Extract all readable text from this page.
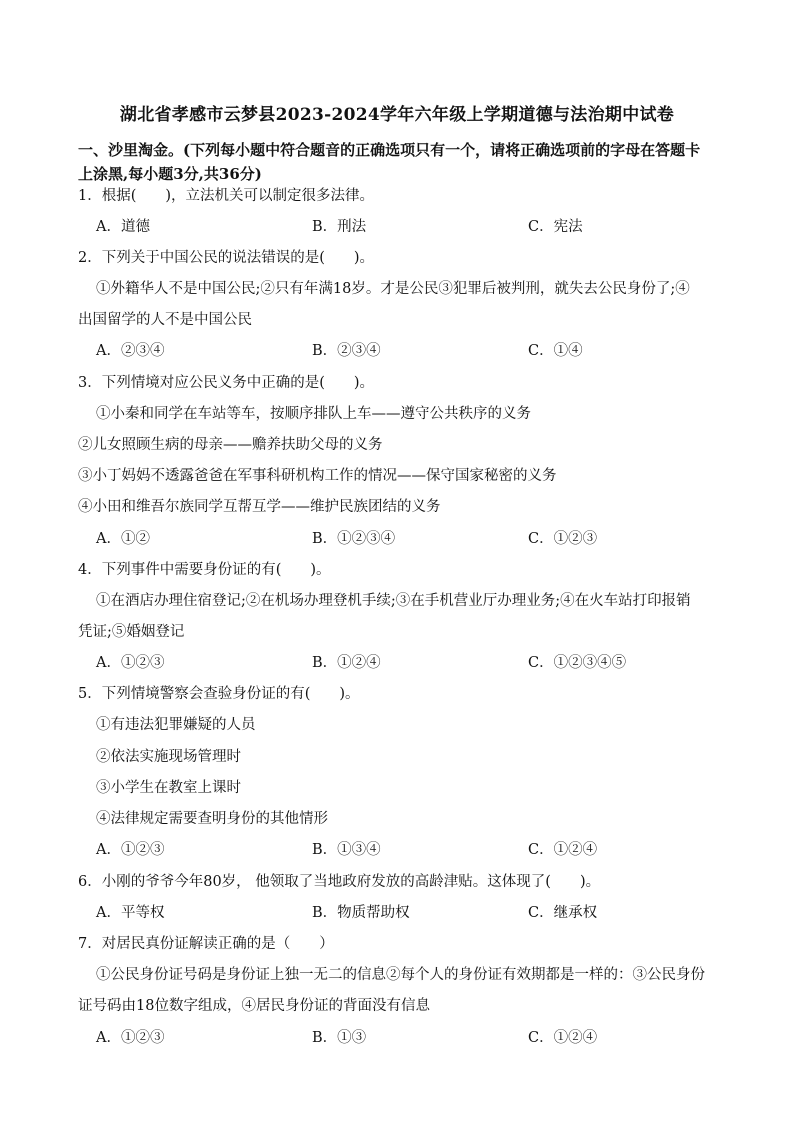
湖北省孝感市云梦县2023-2024学年六年级上学期道德与法治期中试卷
一、沙里淘金。(下列每小题中符合题音的正确选项只有一个，请将正确选项前的字母在答题卡
上涂黑,每小题3分,共36分)
1．根据(　　)，立法机关可以制定很多法律。
A．道德	B．刑法	C．宪法
2．下列关于中国公民的说法错误的是(　　)。
①外籍华人不是中国公民;②只有年满18岁。才是公民③犯罪后被判刑，就失去公民身份了;④
出国留学的人不是中国公民
A．②③④	B．②③④	C．①④
3．下列情境对应公民义务中正确的是(　　)。
①小秦和同学在车站等车，按顺序排队上车——遵守公共秩序的义务
②儿女照顾生病的母亲——赡养扶助父母的义务
③小丁妈妈不透露爸爸在军事科研机构工作的情况——保守国家秘密的义务
④小田和维吾尔族同学互帮互学——维护民族团结的义务
A．①②	B．①②③④	C．①②③
4．下列事件中需要身份证的有(　　)。
①在酒店办理住宿登记;②在机场办理登机手续;③在手机营业厅办理业务;④在火车站打印报销
凭证;⑤婚姻登记
A．①②③	B．①②④	C．①②③④⑤
5．下列情境警察会查验身份证的有(　　)。
①有违法犯罪嫌疑的人员
②依法实施现场管理时
③小学生在教室上课时
④法律规定需要查明身份的其他情形
A．①②③	B．①③④	C．①②④
6．小刚的爷爷今年80岁， 他领取了当地政府发放的高龄津贴。这体现了(　　)。
A．平等权	B．物质帮助权	C．继承权
7．对居民真份证解读正确的是（　　）
①公民身份证号码是身份证上独一无二的信息②每个人的身份证有效期都是一样的：③公民身份
证号码由18位数字组成，④居民身份证的背面没有信息
A．①②③	B．①③	C．①②④
